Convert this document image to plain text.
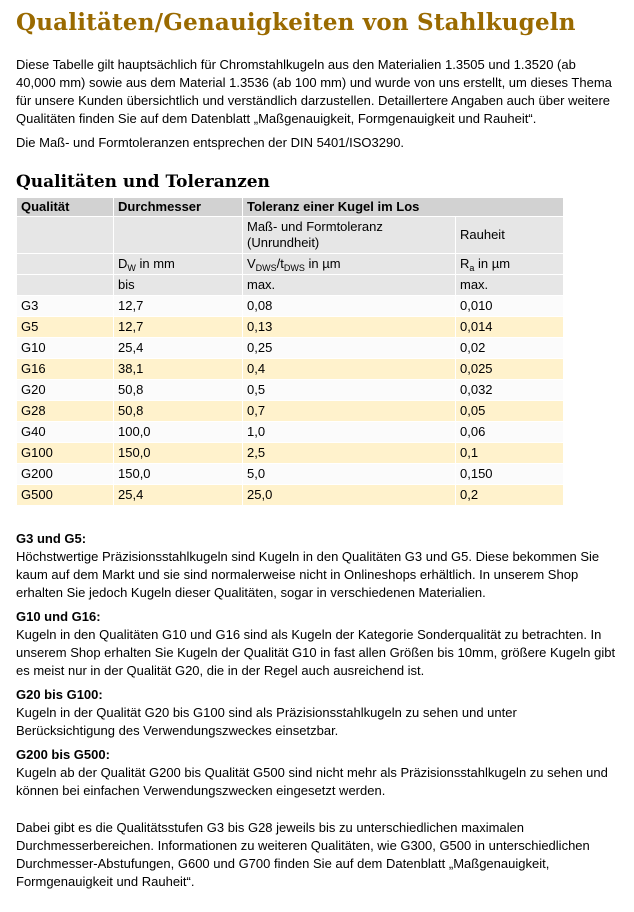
Qualitäten/Genauigkeiten von Stahlkugeln

Diese Tabelle gilt hauptsächlich für Chromstahlkugeln aus den Materialien 1.3505 und 1.3520 (ab 40,000 mm) sowie aus dem Material 1.3536 (ab 100 mm) und wurde von uns erstellt, um dieses Thema für unsere Kunden übersichtlich und verständlich darzustellen. Detaillertere Angaben auch über weitere Qualitäten finden Sie auf dem Datenblatt „Maßgenauigkeit, Formgenauigkeit und Rauheit“.

Die Maß- und Formtoleranzen entsprechen der DIN 5401/ISO3290.

Qualitäten und Toleranzen
Qualität	Durchmesser	Toleranz einer Kugel im Los	
		Maß- und Formtoleranz (Unrundheit)	Rauheit
	$D_W$ in mm	$V_{DWS}/t_{DWS}$ in µm	$R_a$ in µm
	bis	max.	max.
G3	12,7	0,08	0,010
G5	12,7	0,13	0,014
G10	25,4	0,25	0,02
G16	38,1	0,4	0,025
G20	50,8	0,5	0,032
G28	50,8	0,7	0,05
G40	100,0	1,0	0,06
G100	150,0	2,5	0,1
G200	150,0	5,0	0,150
G500	25,4	25,0	0,2
G3 und G5:

Höchstwertige Präzisionsstahlkugeln sind Kugeln in den Qualitäten G3 und G5. Diese bekommen Sie kaum auf dem Markt und sie sind normalerweise nicht in Onlineshops erhältlich. In unserem Shop erhalten Sie jedoch Kugeln dieser Qualitäten, sogar in verschiedenen Materialien.

G10 und G16:

Kugeln in den Qualitäten G10 und G16 sind als Kugeln der Kategorie Sonderqualität zu betrachten. In unserem Shop erhalten Sie Kugeln der Qualität G10 in fast allen Größen bis 10mm, größere Kugeln gibt es meist nur in der Qualität G20, die in der Regel auch ausreichend ist.

G20 bis G100:

Kugeln in der Qualität G20 bis G100 sind als Präzisionsstahlkugeln zu sehen und unter Berücksichtigung des Verwendungszweckes einsetzbar.

G200 bis G500:

Kugeln ab der Qualität G200 bis Qualität G500 sind nicht mehr als Präzisionsstahlkugeln zu sehen und können bei einfachen Verwendungszwecken eingesetzt werden.

Dabei gibt es die Qualitätsstufen G3 bis G28 jeweils bis zu unterschiedlichen maximalen Durchmesserbereichen. Informationen zu weiteren Qualitäten, wie G300, G500 in unterschiedlichen Durchmesser-Abstufungen, G600 und G700 finden Sie auf dem Datenblatt „Maßgenauigkeit, Formgenauigkeit und Rauheit“.
